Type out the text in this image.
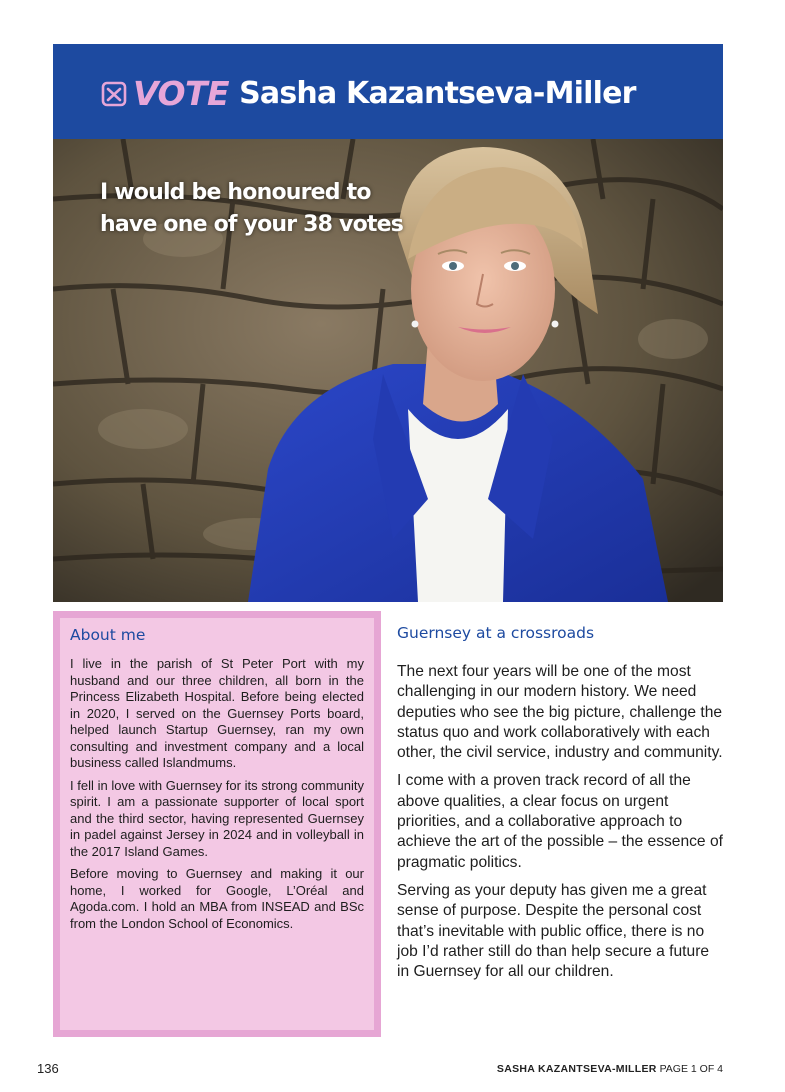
VOTE Sasha Kazantseva-Miller
I would be honoured to have one of your 38 votes
About me

I live in the parish of St Peter Port with my husband and our three children, all born in the Princess Elizabeth Hospital. Before being elected in 2020, I served on the Guernsey Ports board, helped launch Startup Guernsey, ran my own consulting and investment company and a local business called Islandmums.

I fell in love with Guernsey for its strong community spirit. I am a passionate supporter of local sport and the third sector, having represented Guernsey in padel against Jersey in 2024 and in volleyball in the 2017 Island Games.

Before moving to Guernsey and making it our home, I worked for Google, L’Oréal and Agoda.com. I hold an MBA from INSEAD and BSc from the London School of Economics.

Guernsey at a crossroads

The next four years will be one of the most challenging in our modern history. We need deputies who see the big picture, challenge the status quo and work collaboratively with each other, the civil service, industry and community.

I come with a proven track record of all the above qualities, a clear focus on urgent priorities, and a collaborative approach to achieve the art of the possible – the essence of pragmatic politics.

Serving as your deputy has given me a great sense of purpose. Despite the personal cost that’s inevitable with public office, there is no job I’d rather still do than help secure a future in Guernsey for all our children.

136	SASHA KAZANTSEVA-MILLER PAGE 1 OF 4
